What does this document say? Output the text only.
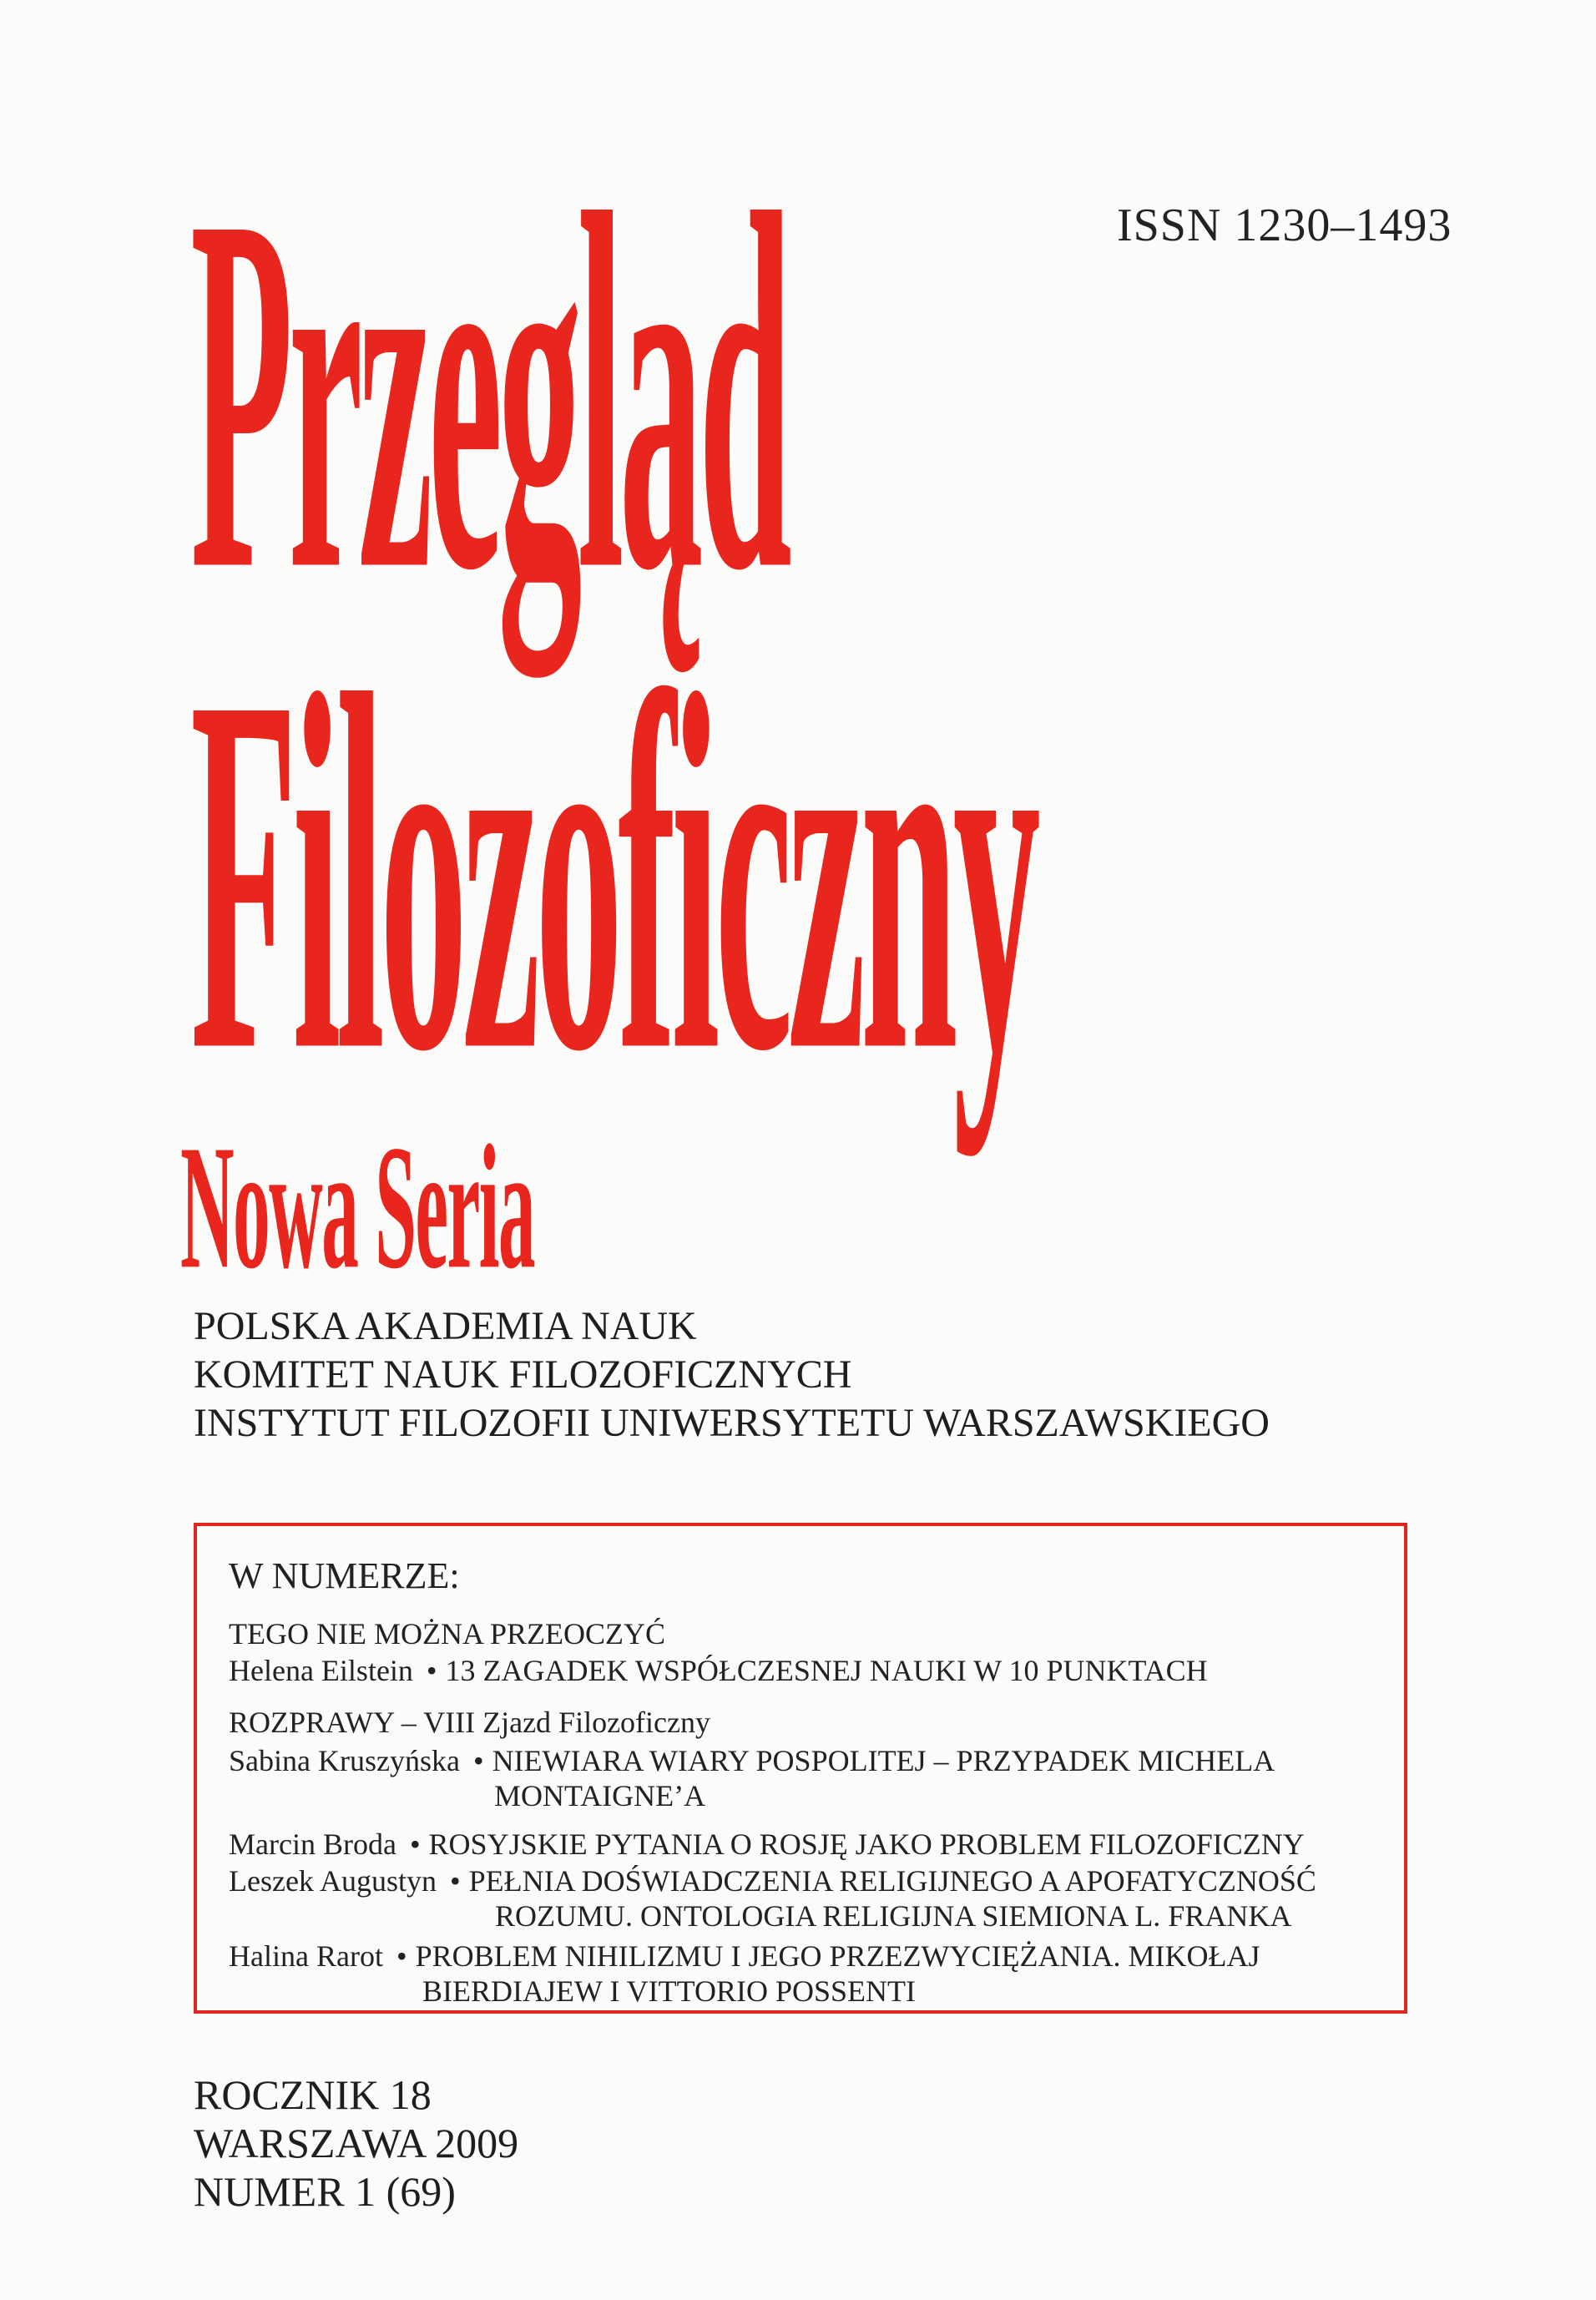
ISSN 1230–1493
Przegląd
Filozoficzny
Nowa Seria
POLSKA AKADEMIA NAUK
KOMITET NAUK FILOZOFICZNYCH
INSTYTUT FILOZOFII UNIWERSYTETU WARSZAWSKIEGO
W NUMERZE:
TEGO NIE MOŻNA PRZEOCZYĆ
Helena Eilstein • 13 ZAGADEK WSPÓŁCZESNEJ NAUKI W 10 PUNKTACH
ROZPRAWY – VIII Zjazd Filozoficzny
Sabina Kruszyńska • NIEWIARA WIARY POSPOLITEJ – PRZYPADEK MICHELA
MONTAIGNE’A
Marcin Broda • ROSYJSKIE PYTANIA O ROSJĘ JAKO PROBLEM FILOZOFICZNY
Leszek Augustyn • PEŁNIA DOŚWIADCZENIA RELIGIJNEGO A APOFATYCZNOŚĆ
ROZUMU. ONTOLOGIA RELIGIJNA SIEMIONA L. FRANKA
Halina Rarot • PROBLEM NIHILIZMU I JEGO PRZEZWYCIĘŻANIA. MIKOŁAJ
BIERDIAJEW I VITTORIO POSSENTI
ROCZNIK 18
WARSZAWA 2009
NUMER 1 (69)
